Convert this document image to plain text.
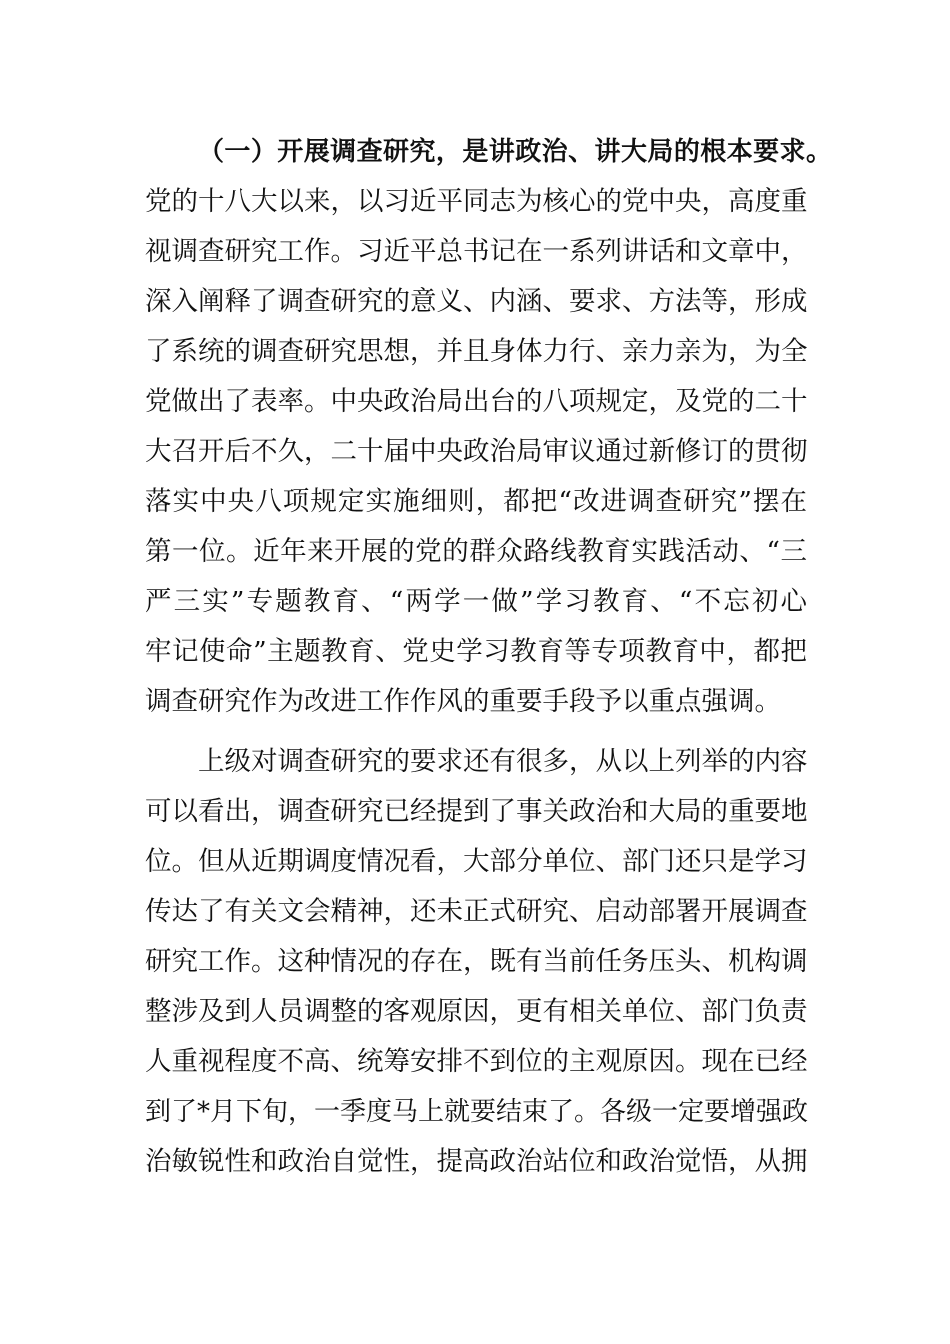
（一）开展调查研究，是讲政治、讲大局的根本要求。
党的十八大以来，以习近平同志为核心的党中央，高度重
视调查研究工作。习近平总书记在一系列讲话和文章中，
深入阐释了调查研究的意义、内涵、要求、方法等，形成
了系统的调查研究思想，并且身体力行、亲力亲为，为全
党做出了表率。中央政治局出台的八项规定，及党的二十
大召开后不久，二十届中央政治局审议通过新修订的贯彻
落实中央八项规定实施细则，都把“改进调查研究”摆在
第一位。近年来开展的党的群众路线教育实践活动、“三
严三实”专题教育、“两学一做”学习教育、“不忘初心
牢记使命”主题教育、党史学习教育等专项教育中，都把
调查研究作为改进工作作风的重要手段予以重点强调。
上级对调查研究的要求还有很多，从以上列举的内容
可以看出，调查研究已经提到了事关政治和大局的重要地
位。但从近期调度情况看，大部分单位、部门还只是学习
传达了有关文会精神，还未正式研究、启动部署开展调查
研究工作。这种情况的存在，既有当前任务压头、机构调
整涉及到人员调整的客观原因，更有相关单位、部门负责
人重视程度不高、统筹安排不到位的主观原因。现在已经
到了*月下旬，一季度马上就要结束了。各级一定要增强政
治敏锐性和政治自觉性，提高政治站位和政治觉悟，从拥
